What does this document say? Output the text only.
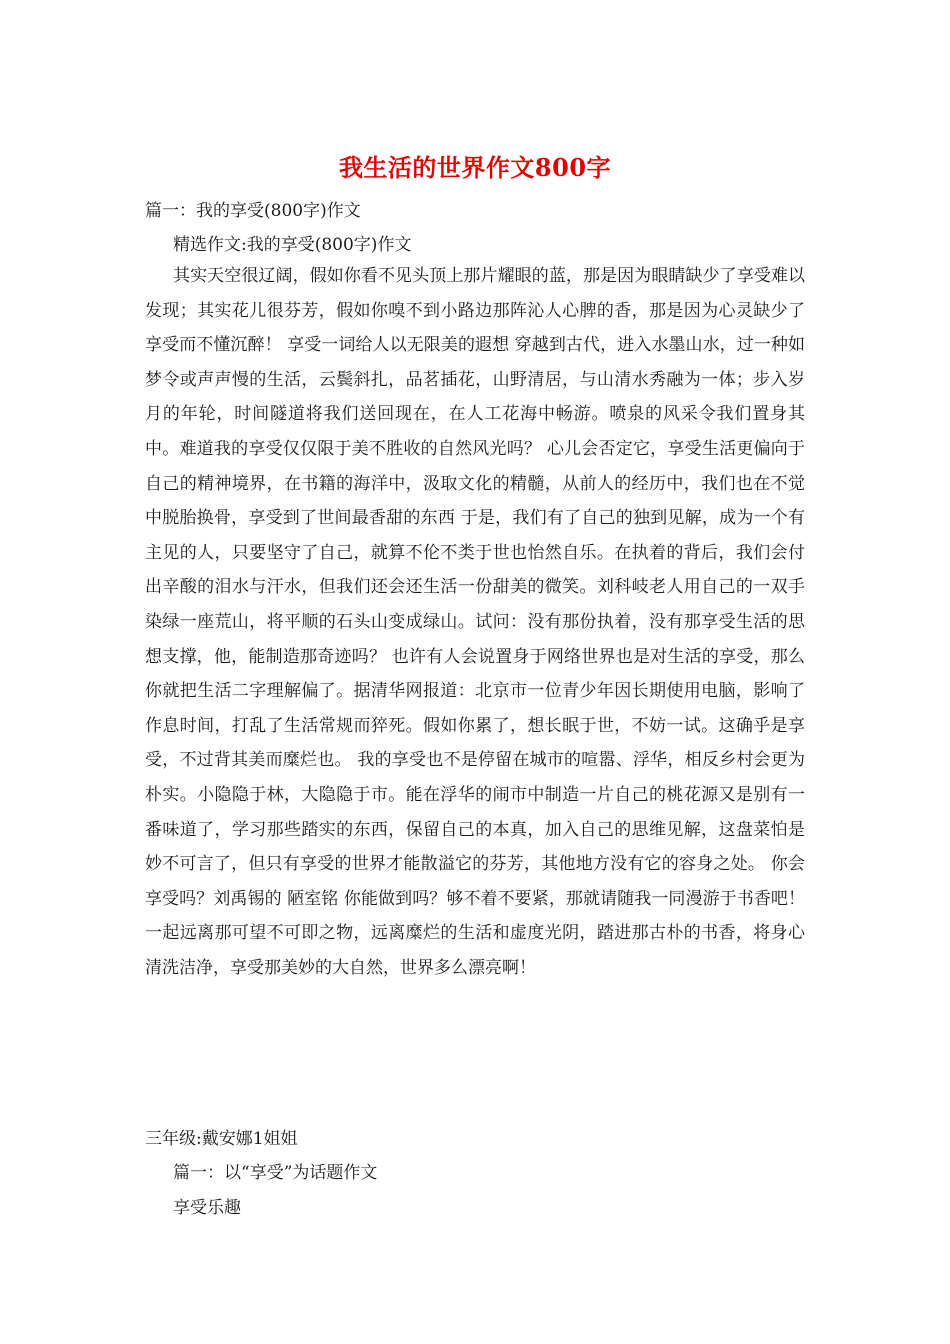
我生活的世界作文800字
篇一：我的享受(800字)作文
精选作文:我的享受(800字)作文

其实天空很辽阔，假如你看不见头顶上那片耀眼的蓝，那是因为眼睛缺少了享受难以发现；其实花儿很芬芳，假如你嗅不到小路边那阵沁人心脾的香，那是因为心灵缺少了享受而不懂沉醉！ 享受一词给人以无限美的遐想 穿越到古代，进入水墨山水，过一种如梦令或声声慢的生活，云鬓斜扎，品茗插花，山野清居，与山清水秀融为一体；步入岁月的年轮，时间隧道将我们送回现在，在人工花海中畅游。喷泉的风采令我们置身其中。难道我的享受仅仅限于美不胜收的自然风光吗？ 心儿会否定它，享受生活更偏向于自己的精神境界，在书籍的海洋中，汲取文化的精髓，从前人的经历中，我们也在不觉中脱胎换骨，享受到了世间最香甜的东西 于是，我们有了自己的独到见解，成为一个有主见的人，只要坚守了自己，就算不伦不类于世也怡然自乐。在执着的背后，我们会付出辛酸的泪水与汗水，但我们还会还生活一份甜美的微笑。刘科岐老人用自己的一双手染绿一座荒山，将平顺的石头山变成绿山。试问：没有那份执着，没有那享受生活的思想支撑，他，能制造那奇迹吗？ 也许有人会说置身于网络世界也是对生活的享受，那么你就把生活二字理解偏了。据清华网报道：北京市一位青少年因长期使用电脑，影响了作息时间，打乱了生活常规而猝死。假如你累了，想长眠于世，不妨一试。这确乎是享受，不过背其美而糜烂也。 我的享受也不是停留在城市的喧嚣、浮华，相反乡村会更为朴实。小隐隐于林，大隐隐于市。能在浮华的闹市中制造一片自己的桃花源又是别有一番味道了，学习那些踏实的东西，保留自己的本真，加入自己的思维见解，这盘菜怕是妙不可言了，但只有享受的世界才能散溢它的芬芳，其他地方没有它的容身之处。 你会享受吗？刘禹锡的 陋室铭 你能做到吗？够不着不要紧，那就请随我一同漫游于书香吧！ 一起远离那可望不可即之物，远离糜烂的生活和虚度光阴，踏进那古朴的书香，将身心清洗洁净，享受那美妙的大自然，世界多么漂亮啊！

三年级:戴安娜1姐姐
篇一：以“享受”为话题作文
享受乐趣
